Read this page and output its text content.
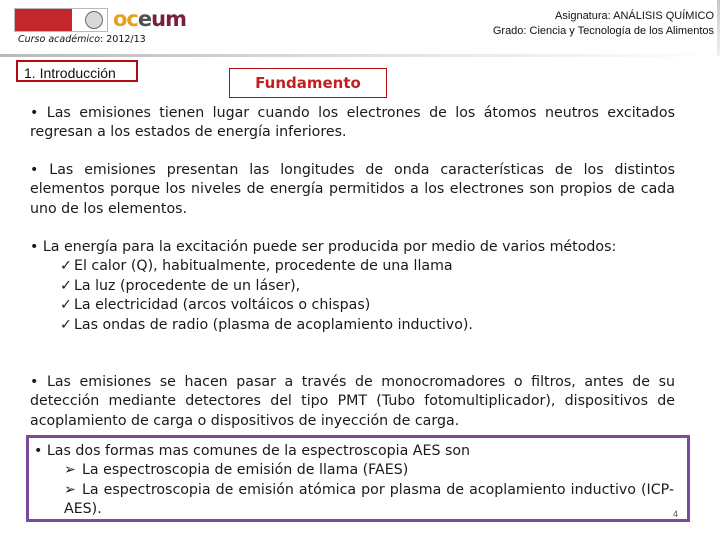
oceum
Curso académico: 2012/13
Asignatura: ANÁLISIS QUÍMICO
Grado: Ciencia y Tecnología de los Alimentos
1. Introducción
Fundamento

• Las emisiones tienen lugar cuando los electrones de los átomos neutros excitados regresan a los estados de energía inferiores.

• Las emisiones presentan las longitudes de onda características de los distintos elementos porque los niveles de energía permitidos a los electrones son propios de cada uno de los elementos.

• La energía para la excitación puede ser producida por medio de varios métodos:

✓ El calor (Q), habitualmente, procedente de una llama
✓ La luz (procedente de un láser),
✓ La electricidad (arcos voltáicos o chispas)
✓ Las ondas de radio (plasma de acoplamiento inductivo).

• Las emisiones se hacen pasar a través de monocromadores o filtros, antes de su detección mediante detectores del tipo PMT (Tubo fotomultiplicador), dispositivos de acoplamiento de carga o dispositivos de inyección de carga.

• Las dos formas mas comunes de la espectroscopia AES son

➢ La espectroscopia de emisión de llama (FAES)
➢ La espectroscopia de emisión atómica por plasma de acoplamiento inductivo (ICP-AES).	4
